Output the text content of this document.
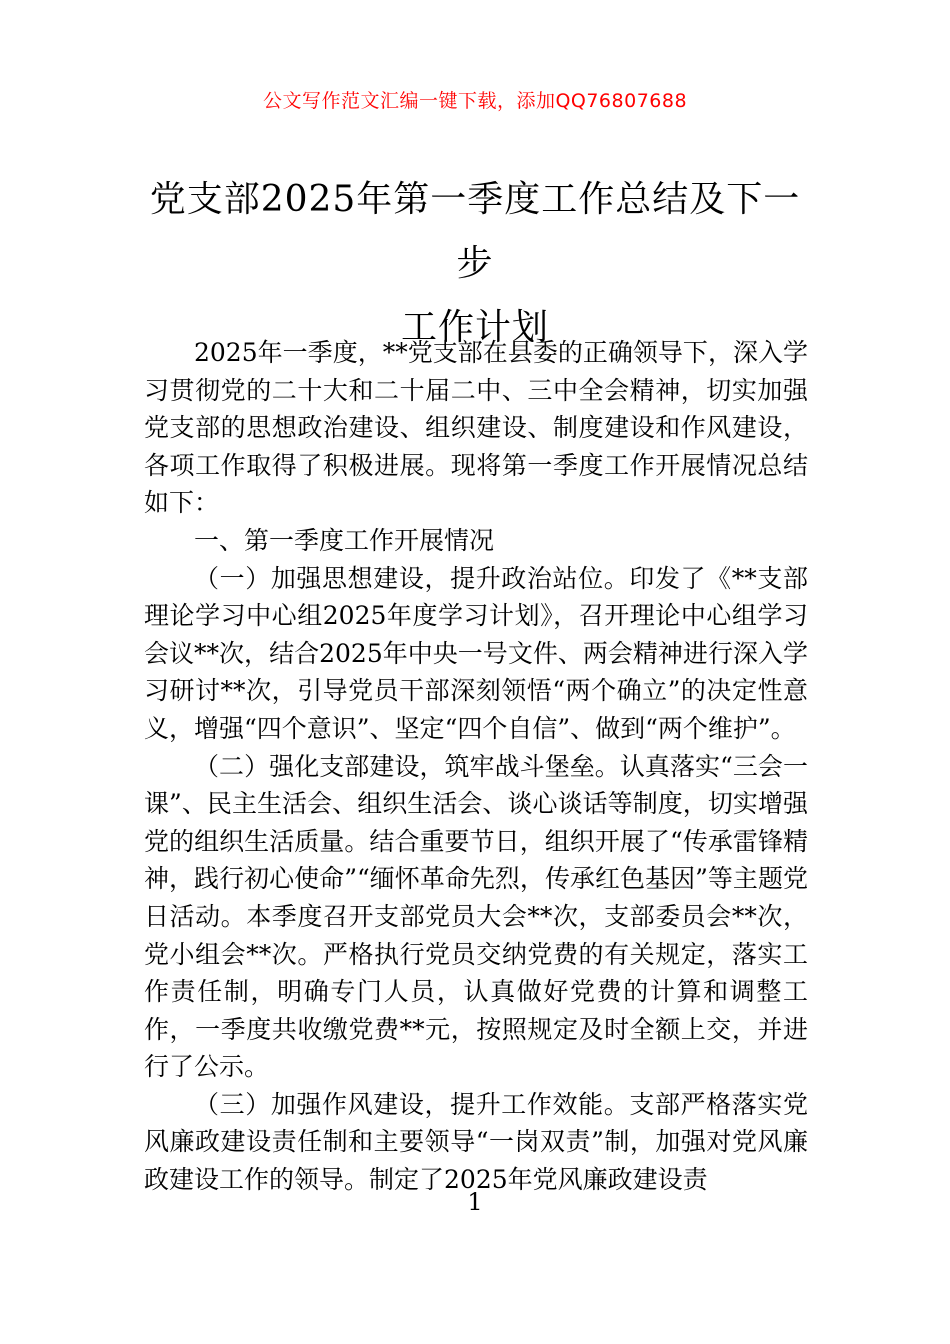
公文写作范文汇编一键下载，添加QQ76807688
党支部2025年第一季度工作总结及下一步
工作计划

2025年一季度，**党支部在县委的正确领导下，深入学习贯彻党的二十大和二十届二中、三中全会精神，切实加强党支部的思想政治建设、组织建设、制度建设和作风建设，各项工作取得了积极进展。现将第一季度工作开展情况总结如下：

一、第一季度工作开展情况

（一）加强思想建设，提升政治站位。印发了《**支部理论学习中心组2025年度学习计划》，召开理论中心组学习会议**次，结合2025年中央一号文件、两会精神进行深入学习研讨**次，引导党员干部深刻领悟“两个确立”的决定性意义，增强“四个意识”、坚定“四个自信”、做到“两个维护”。

（二）强化支部建设，筑牢战斗堡垒。认真落实“三会一课”、民主生活会、组织生活会、谈心谈话等制度，切实增强党的组织生活质量。结合重要节日，组织开展了“传承雷锋精神，践行初心使命”“缅怀革命先烈，传承红色基因”等主题党日活动。本季度召开支部党员大会**次，支部委员会**次，党小组会**次。严格执行党员交纳党费的有关规定，落实工作责任制，明确专门人员，认真做好党费的计算和调整工作，一季度共收缴党费**元，按照规定及时全额上交，并进行了公示。

（三）加强作风建设，提升工作效能。支部严格落实党风廉政建设责任制和主要领导“一岗双责”制，加强对党风廉政建设工作的领导。制定了2025年党风廉政建设责

1
